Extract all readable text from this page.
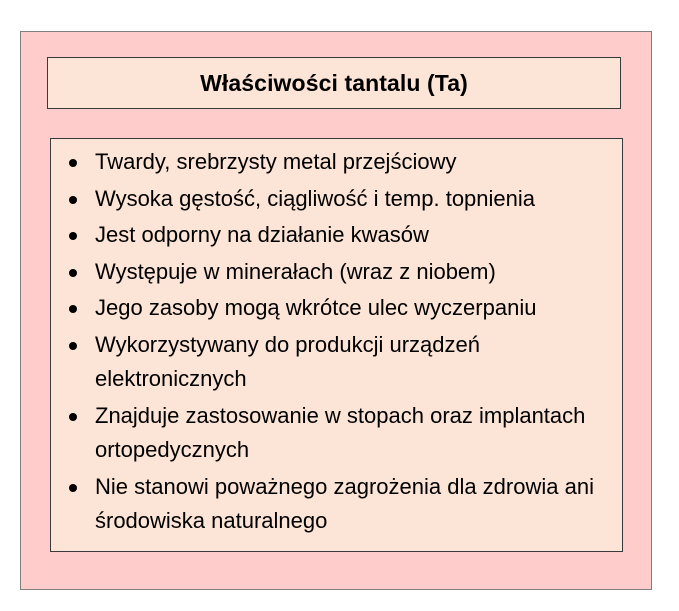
Właściwości tantalu (Ta)
Twardy, srebrzysty metal przejściowy
Wysoka gęstość, ciągliwość i temp. topnienia
Jest odporny na działanie kwasów
Występuje w minerałach (wraz z niobem)
Jego zasoby mogą wkrótce ulec wyczerpaniu
Wykorzystywany do produkcji urządzeń elektronicznych
Znajduje zastosowanie w stopach oraz implantach ortopedycznych
Nie stanowi poważnego zagrożenia dla zdrowia ani środowiska naturalnego
